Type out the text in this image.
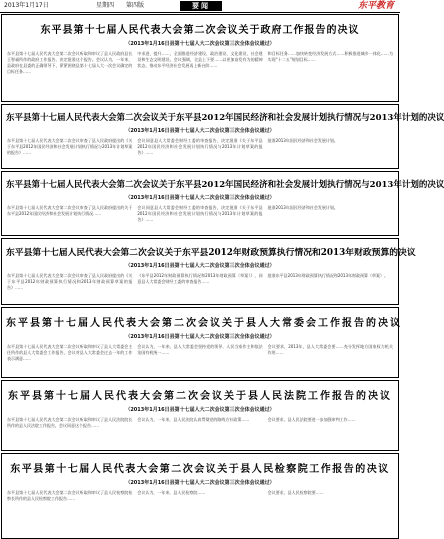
2013年1月17日	星期四 第四版	要闻	东平教育
东平县第十七届人民代表大会第二次会议关于政府工作报告的决议
（2013年1月16日县第十七届人大二次会议第三次全体会议通过）
东平县第十七届人民代表大会第二次会议听取和审议了县人民政府县长王智福所作的政府工作报告，决定批准这个报告。会议认为，一年来，县政府在县委的正确领导下，紧紧围绕县第十七届人大一次会议确定的目标任务……
中求进，提升……，全面推进经济建设、政治建设、文化建设、社会建设和生态文明建设。会议强调，全县上下要……以更加奋发有为的精神状态，推动东平经济社会发展再上新台阶……
和目标任务……加快转变经济发展方式……积极推进城乡一体化……为实现“十二五”规划目标……
东平县第十七届人民代表大会第二次会议关于东平县2012年国民经济和社会发展计划执行情况与2013年计划的决议
（2013年1月16日县第十七届人大二次会议第三次全体会议通过）
东平县第十七届人民代表大会第二次会议审查了县人民政府提出的《关于东平县2012年国民经济和社会发展计划执行情况与2013年计划草案的报告》……
会议同意县人大常委会财经工委的审查报告，决定批准《关于东平县2012年国民经济和社会发展计划执行情况与2013年计划草案的报告》……
批准2013年国民经济和社会发展计划。
东平县第十七届人民代表大会第二次会议关于东平县2012年国民经济和社会发展计划执行情况与2013年计划的决议
（2013年1月16日县第十七届人大二次会议第三次全体会议通过）
东平县第十七届人民代表大会第二次会议审查了县人民政府提出的关于东平县2012年国民经济和社会发展计划执行情况……
会议同意县人大常委会财经工委的审查报告，决定批准《关于东平县2012年国民经济和社会发展计划执行情况与2013年计划草案的报告》……
批准2013年国民经济和社会发展计划。
东平县第十七届人民代表大会第二次会议关于东平县2012年财政预算执行情况和2013年财政预算的决议
（2013年1月16日县第十七届人大二次会议第三次全体会议通过）
东平县第十七届人民代表大会第二次会议审查了县人民政府提出的《关于东平县2012年财政预算执行情况和2013年财政预算草案的报告》……
《东平县2012年财政预算执行情况和2013年财政预算（草案）》，同意县人大常委会财经工委的审查报告……
批准东平县2013年财政预算执行情况和2013年财政预算（草案）。
东平县第十七届人民代表大会第二次会议关于县人大常委会工作报告的决议
（2013年1月16日县第十七届人大二次会议第三次全体会议通过）
东平县第十七届人民代表大会第二次会议听取和审议了县人大常委会主任所作的县人大常委会工作报告，会议对县人大常委会过去一年的工作表示满意……
会议认为，一年来，县人大常委会坚持党的领导、人民当家作主和依法治国有机统一……
会议要求，2013年，县人大常委会要……充分发挥地方国家权力机关作用……
东平县第十七届人民代表大会第二次会议关于县人民法院工作报告的决议
（2013年1月16日县第十七届人大二次会议第三次全体会议通过）
东平县第十七届人民代表大会第二次会议听取和审议了县人民法院院长所作的县人民法院工作报告，会议同意这个报告……
会议认为，一年来，县人民法院认真贯彻党的路线方针政策……	会议要求，县人民法院要进一步加强审判工作……
东平县第十七届人民代表大会第二次会议关于县人民检察院工作报告的决议
（2013年1月16日县第十七届人大二次会议第三次全体会议通过）
东平县第十七届人民代表大会第二次会议听取和审议了县人民检察院检察长所作的县人民检察院工作报告……
会议认为，一年来，县人民检察院……	会议要求，县人民检察院要……
